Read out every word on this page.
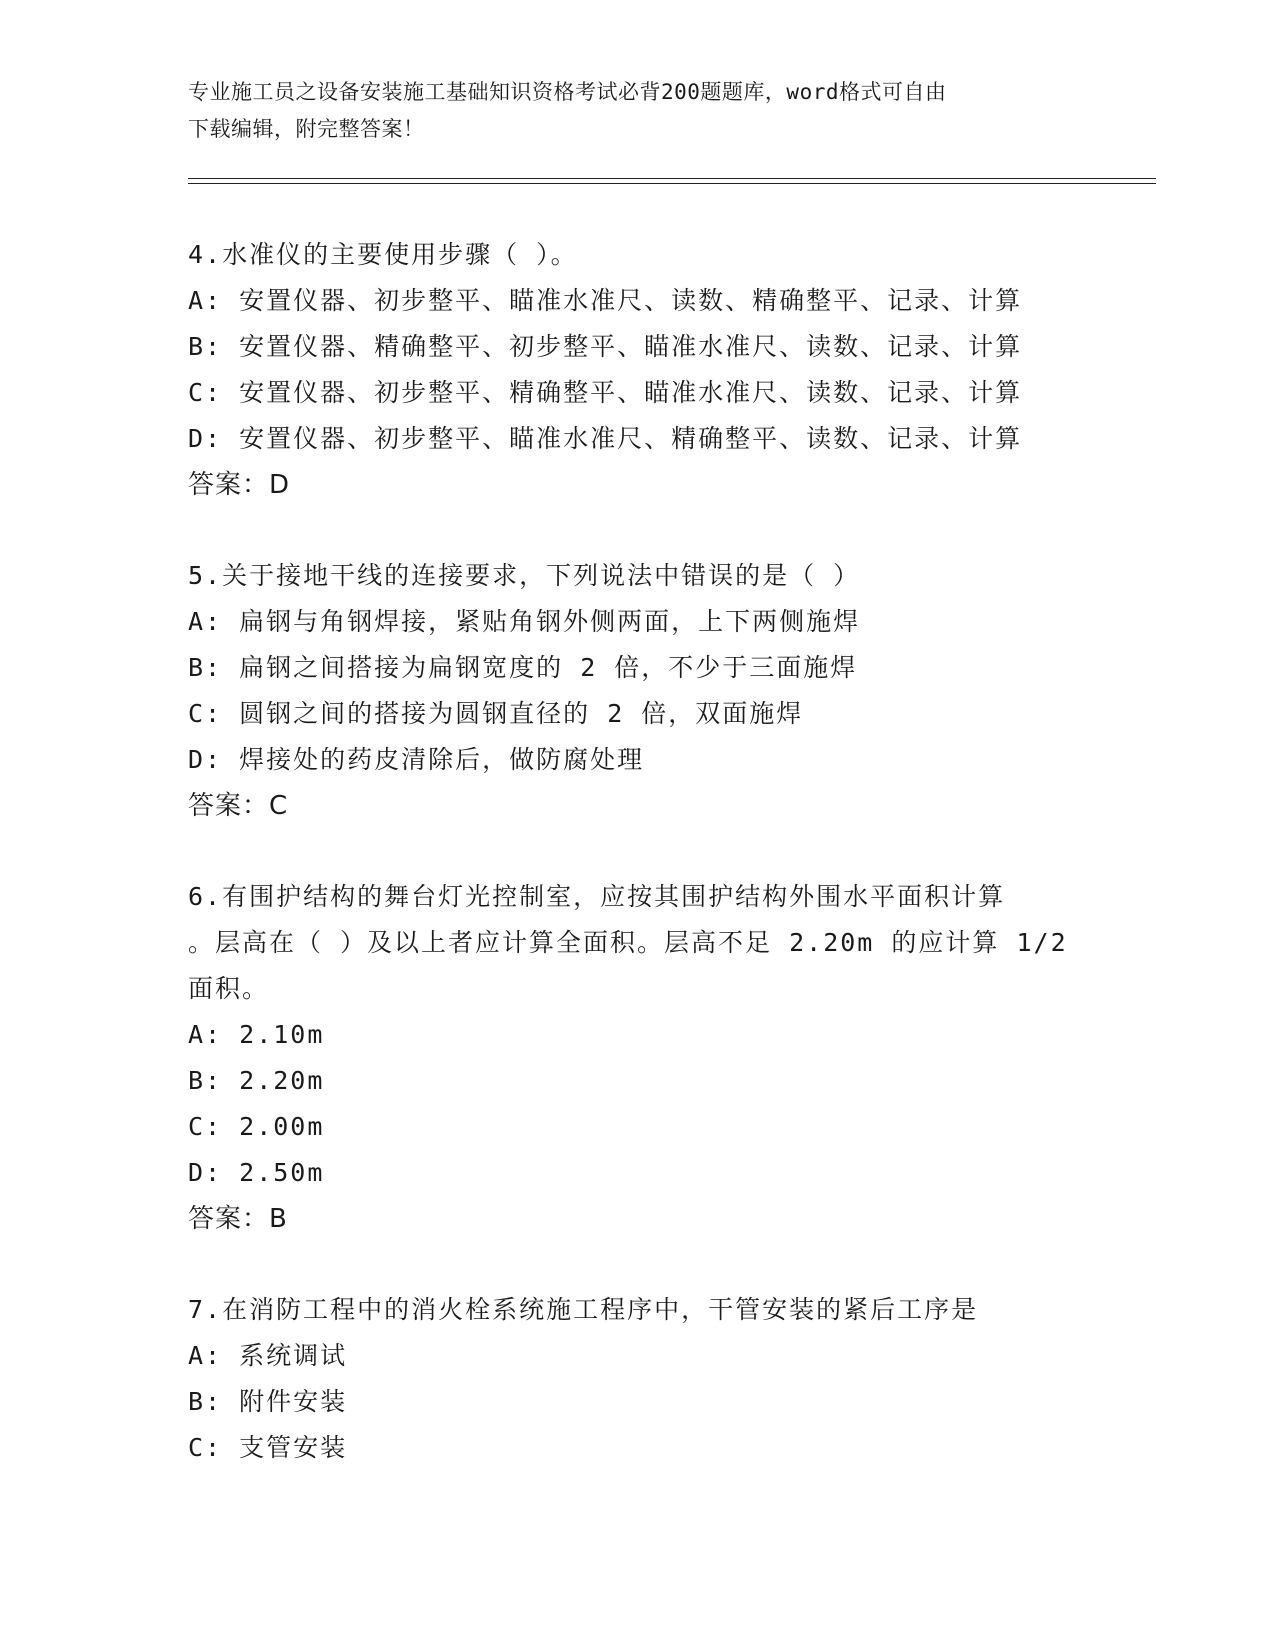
专业施工员之设备安装施工基础知识资格考试必背200题题库，word格式可自由
下载编辑，附完整答案！
4.水准仪的主要使用步骤（ ）。
A: 安置仪器、初步整平、瞄准水准尺、读数、精确整平、记录、计算
B: 安置仪器、精确整平、初步整平、瞄准水准尺、读数、记录、计算
C: 安置仪器、初步整平、精确整平、瞄准水准尺、读数、记录、计算
D: 安置仪器、初步整平、瞄准水准尺、精确整平、读数、记录、计算
答案：D
5.关于接地干线的连接要求，下列说法中错误的是（ ）
A: 扁钢与角钢焊接，紧贴角钢外侧两面，上下两侧施焊
B: 扁钢之间搭接为扁钢宽度的 2 倍，不少于三面施焊
C: 圆钢之间的搭接为圆钢直径的 2 倍，双面施焊
D: 焊接处的药皮清除后，做防腐处理
答案：C
6.有围护结构的舞台灯光控制室，应按其围护结构外围水平面积计算
。层高在（ ）及以上者应计算全面积。层高不足 2.20m 的应计算 1/2
面积。
A: 2.10m
B: 2.20m
C: 2.00m
D: 2.50m
答案：B
7.在消防工程中的消火栓系统施工程序中，干管安装的紧后工序是
A: 系统调试
B: 附件安装
C: 支管安装
